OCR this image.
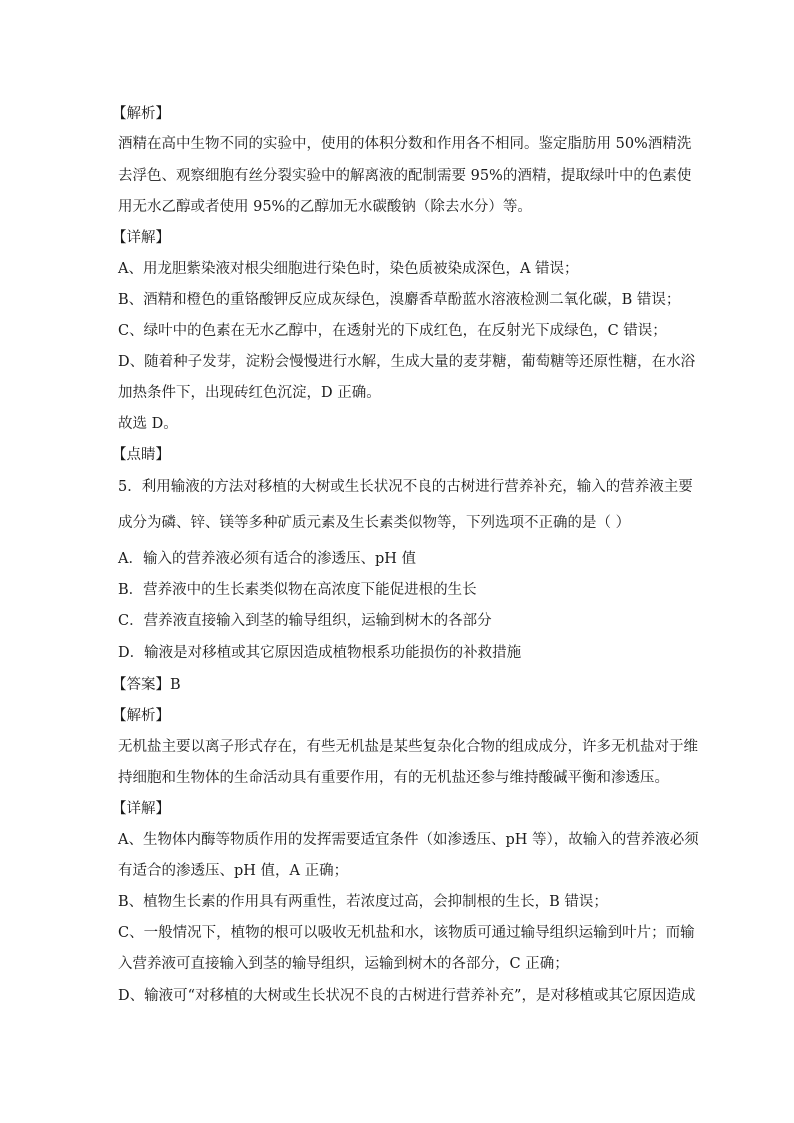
【解析】
酒精在高中生物不同的实验中，使用的体积分数和作用各不相同。鉴定脂肪用 50%酒精洗
去浮色、观察细胞有丝分裂实验中的解离液的配制需要 95%的酒精，提取绿叶中的色素使
用无水乙醇或者使用 95%的乙醇加无水碳酸钠（除去水分）等。
【详解】
A、用龙胆紫染液对根尖细胞进行染色时，染色质被染成深色，A 错误；
B、酒精和橙色的重铬酸钾反应成灰绿色，溴麝香草酚蓝水溶液检测二氧化碳，B 错误；
C、绿叶中的色素在无水乙醇中，在透射光的下成红色，在反射光下成绿色，C 错误；
D、随着种子发芽，淀粉会慢慢进行水解，生成大量的麦芽糖，葡萄糖等还原性糖，在水浴
加热条件下，出现砖红色沉淀，D 正确。
故选 D。
【点睛】
5．利用输液的方法对移植的大树或生长状况不良的古树进行营养补充，输入的营养液主要
成分为磷、锌、镁等多种矿质元素及生长素类似物等，下列选项不正确的是（ ）
A．输入的营养液必须有适合的渗透压、pH 值
B．营养液中的生长素类似物在高浓度下能促进根的生长
C．营养液直接输入到茎的输导组织，运输到树木的各部分
D．输液是对移植或其它原因造成植物根系功能损伤的补救措施
【答案】B
【解析】
无机盐主要以离子形式存在，有些无机盐是某些复杂化合物的组成成分，许多无机盐对于维
持细胞和生物体的生命活动具有重要作用，有的无机盐还参与维持酸碱平衡和渗透压。
【详解】
A、生物体内酶等物质作用的发挥需要适宜条件（如渗透压、pH 等），故输入的营养液必须
有适合的渗透压、pH 值，A 正确；
B、植物生长素的作用具有两重性，若浓度过高，会抑制根的生长，B 错误；
C、一般情况下，植物的根可以吸收无机盐和水，该物质可通过输导组织运输到叶片；而输
入营养液可直接输入到茎的输导组织，运输到树木的各部分，C 正确；
D、输液可“对移植的大树或生长状况不良的古树进行营养补充”，是对移植或其它原因造成
